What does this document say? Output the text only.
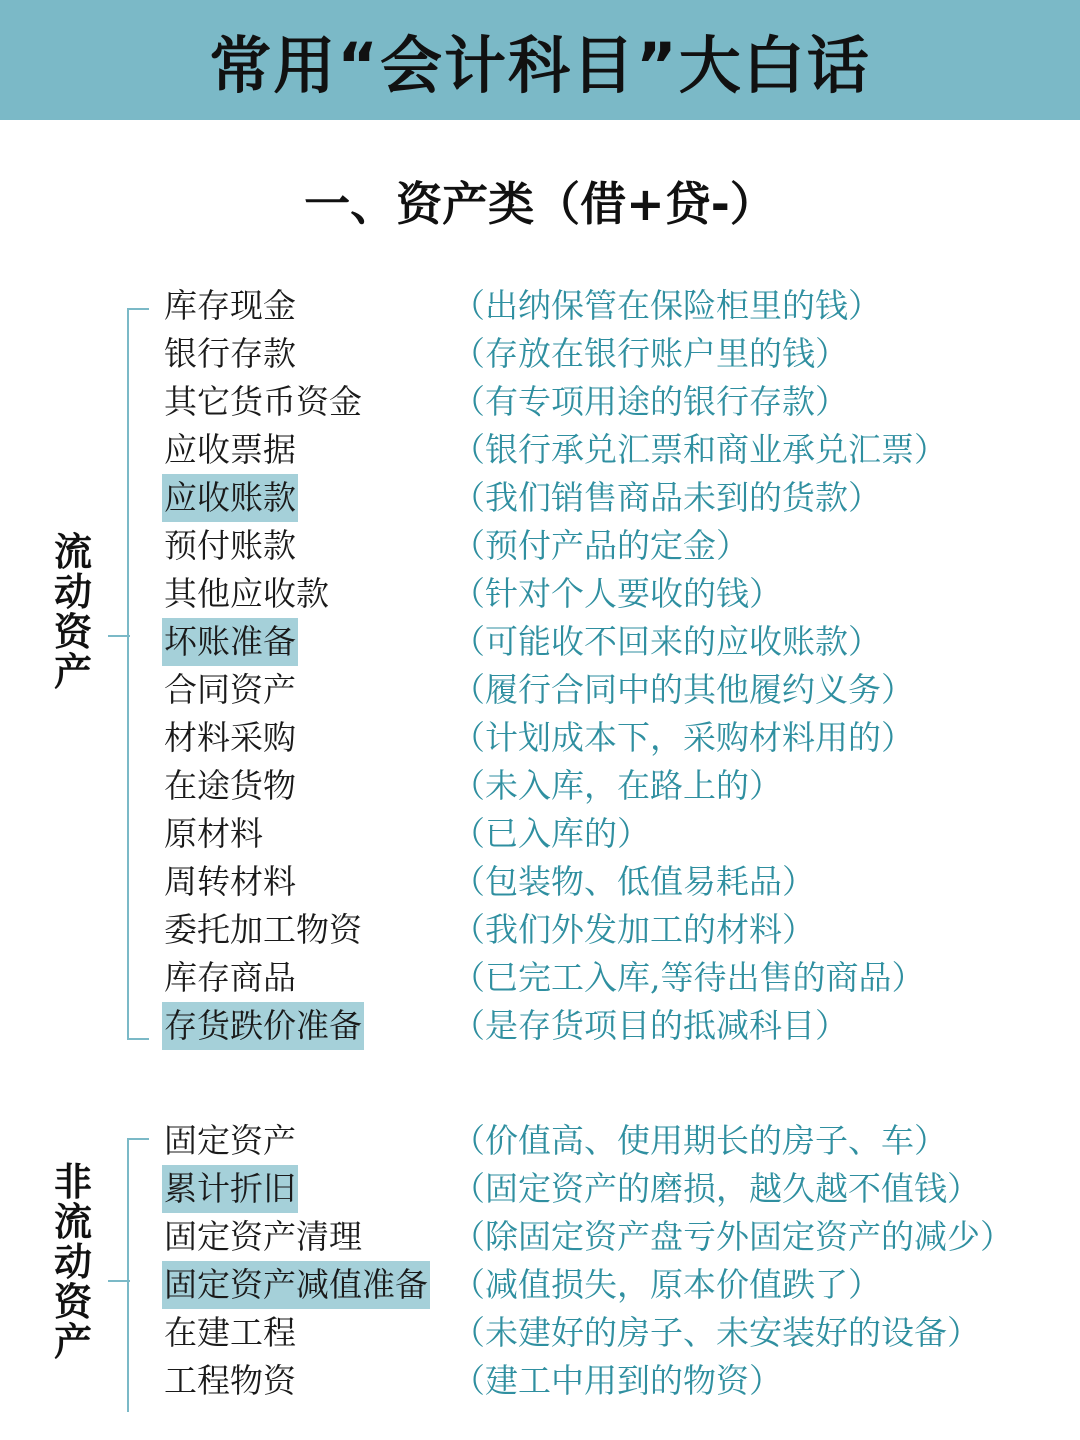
常用“会计科目”大白话
一、资产类（借+贷-）
流
动
资
产
库存现金	（出纳保管在保险柜里的钱）
银行存款	（存放在银行账户里的钱）
其它货币资金	（有专项用途的银行存款）
应收票据	（银行承兑汇票和商业承兑汇票）
应收账款	（我们销售商品未到的货款）
预付账款	（预付产品的定金）
其他应收款	（针对个人要收的钱）
坏账准备	（可能收不回来的应收账款）
合同资产	（履行合同中的其他履约义务）
材料采购	（计划成本下，采购材料用的）
在途货物	（未入库，在路上的）
原材料	（已入库的）
周转材料	（包装物、低值易耗品）
委托加工物资	（我们外发加工的材料）
库存商品	（已完工入库,等待出售的商品）
存货跌价准备	（是存货项目的抵减科目）
非
流
动
资
产
固定资产	（价值高、使用期长的房子、车）
累计折旧	（固定资产的磨损，越久越不值钱）
固定资产清理	（除固定资产盘亏外固定资产的减少）
固定资产减值准备 （减值损失，原本价值跌了）
在建工程	（未建好的房子、未安装好的设备）
工程物资	（建工中用到的物资）
